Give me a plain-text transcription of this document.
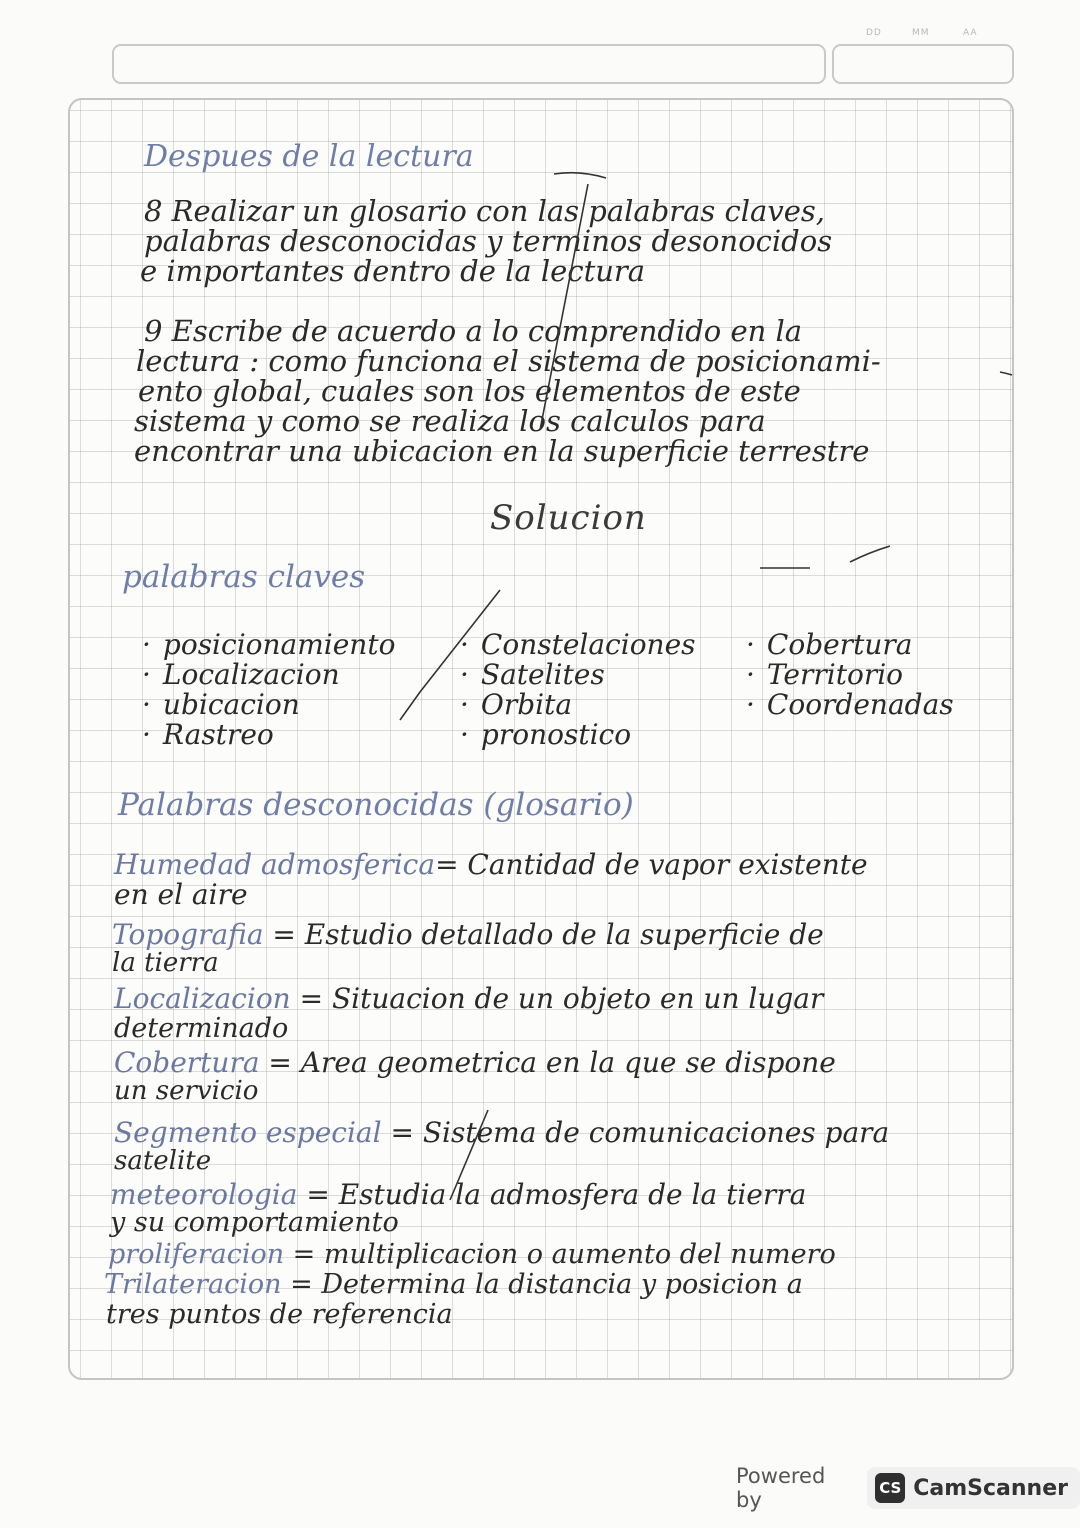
DD	MM	AA
Despues de la lectura
8 Realizar un glosario con las palabras claves,
palabras desconocidas y terminos desonocidos
e importantes dentro de la lectura
9 Escribe de acuerdo a lo comprendido en la
lectura : como funciona el sistema de posicionami-
ento global, cuales son los elementos de este
sistema y como se realiza los calculos para
encontrar una ubicacion en la superficie terrestre
Solucion
palabras claves
· posicionamiento
· Localizacion
· ubicacion
· Rastreo
· Constelaciones
· Satelites
· Orbita
· pronostico
· Cobertura
· Territorio
· Coordenadas
Palabras desconocidas (glosario)
Humedad admosferica= Cantidad de vapor existente
en el aire
Topografia = Estudio detallado de la superficie de
la tierra
Localizacion = Situacion de un objeto en un lugar
determinado
Cobertura = Area geometrica en la que se dispone
un servicio
Segmento especial = Sistema de comunicaciones para
satelite
meteorologia = Estudia la admosfera de la tierra
y su comportamiento
proliferacion = multiplicacion o aumento del numero
Trilateracion = Determina la distancia y posicion a
tres puntos de referencia
Powered by	CS CamScanner
